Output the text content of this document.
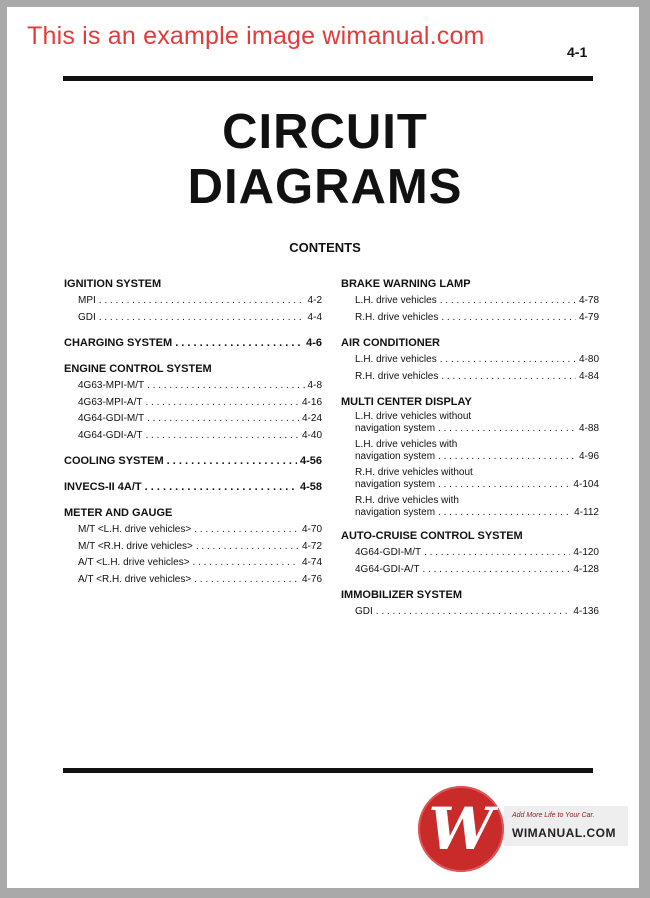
This is an example image wimanual.com
4-1
CIRCUIT
DIAGRAMS
CONTENTS
IGNITION SYSTEM
MPI . . .	4-2
GDI . . .	4-4
CHARGING SYSTEM . . .	4-6
ENGINE CONTROL SYSTEM
4G63-MPI-M/T . . .	4-8
4G63-MPI-A/T . . .	4-16
4G64-GDI-M/T . . .	4-24
4G64-GDI-A/T . . .	4-40
COOLING SYSTEM . . .	4-56
INVECS-II 4A/T . . .	4-58
METER AND GAUGE
M/T <L.H. drive vehicles> . . .	4-70
M/T <R.H. drive vehicles> . . .	4-72
A/T <L.H. drive vehicles> . . .	4-74
A/T <R.H. drive vehicles> . . .	4-76
BRAKE WARNING LAMP
L.H. drive vehicles . . .	4-78
R.H. drive vehicles . . .	4-79
AIR CONDITIONER
L.H. drive vehicles . . .	4-80
R.H. drive vehicles . . .	4-84
MULTI CENTER DISPLAY
L.H. drive vehicles without
navigation system . . .	4-88
L.H. drive vehicles with
navigation system . . .	4-96
R.H. drive vehicles without
navigation system . . .	4-104
R.H. drive vehicles with
navigation system . . .	4-112
AUTO-CRUISE CONTROL SYSTEM
4G64-GDI-M/T . . .	4-120
4G64-GDI-A/T . . .	4-128
IMMOBILIZER SYSTEM
GDI . . .	4-136
W	Add More Life to Your Car.
WIMANUAL.COM
